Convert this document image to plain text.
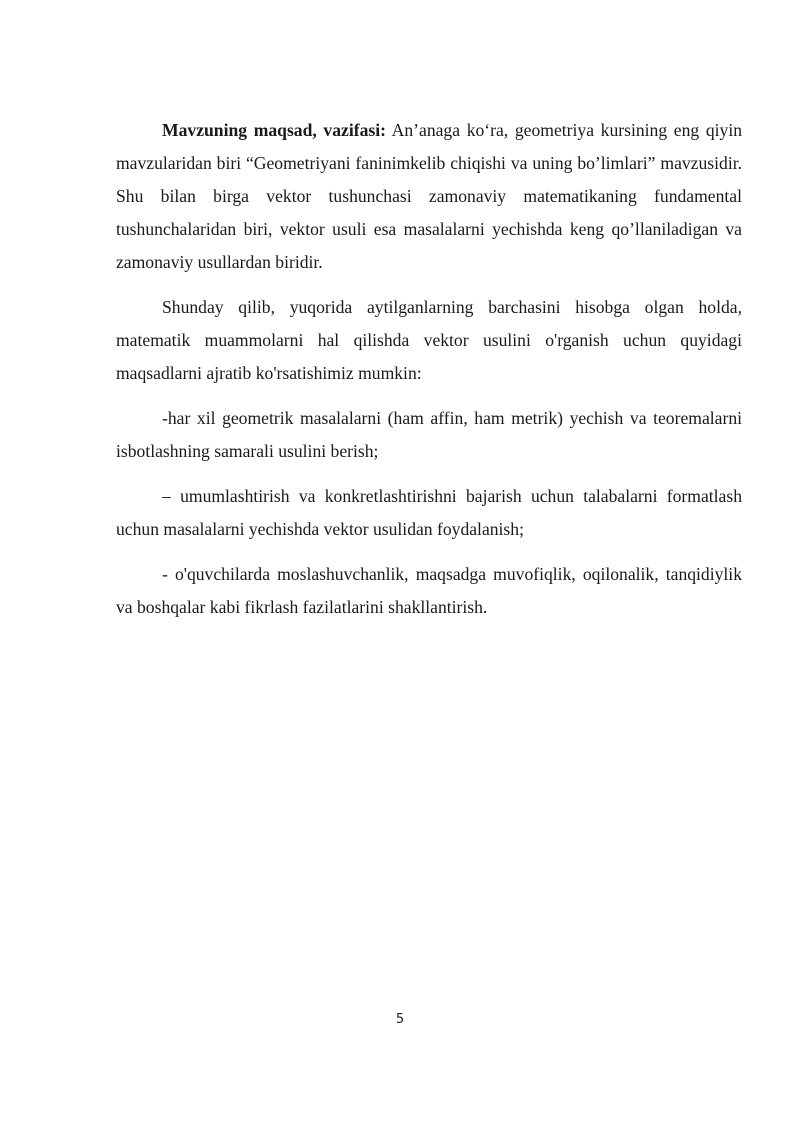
Mavzuning maqsad, vazifasi: An’anaga ko‘ra, geometriya kursining eng qiyin mavzularidan biri “Geometriyani faninimkelib chiqishi va uning bo’limlari” mavzusidir. Shu bilan birga vektor tushunchasi zamonaviy matematikaning fundamental tushunchalaridan biri, vektor usuli esa masalalarni yechishda keng qo’llaniladigan va zamonaviy usullardan biridir.

Shunday qilib, yuqorida aytilganlarning barchasini hisobga olgan holda, matematik muammolarni hal qilishda vektor usulini o'rganish uchun quyidagi maqsadlarni ajratib ko'rsatishimiz mumkin:

-har xil geometrik masalalarni (ham affin, ham metrik) yechish va teoremalarni isbotlashning samarali usulini berish;

– umumlashtirish va konkretlashtirishni bajarish uchun talabalarni formatlash uchun masalalarni yechishda vektor usulidan foydalanish;

- o'quvchilarda moslashuvchanlik, maqsadga muvofiqlik, oqilonalik, tanqidiylik va boshqalar kabi fikrlash fazilatlarini shakllantirish.

5
